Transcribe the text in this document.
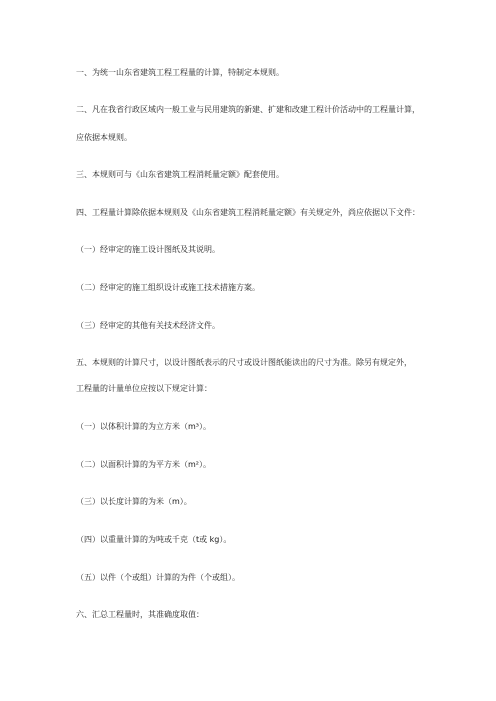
一、为统一山东省建筑工程工程量的计算，特制定本规则。
二、凡在我省行政区域内一般工业与民用建筑的新建、扩建和改建工程计价活动中的工程量计算，
应依据本规则。
三、本规则可与《山东省建筑工程消耗量定额》配套使用。
四、工程量计算除依据本规则及《山东省建筑工程消耗量定额》有关规定外，尚应依据以下文件：
（一）经审定的施工设计图纸及其说明。
（二）经审定的施工组织设计或施工技术措施方案。
（三）经审定的其他有关技术经济文件。
五、本规则的计算尺寸，以设计图纸表示的尺寸或设计图纸能读出的尺寸为准。除另有规定外，
工程量的计量单位应按以下规定计算：
（一）以体积计算的为立方米（m³）。
（二）以面积计算的为平方米（m²）。
（三）以长度计算的为米（m）。
（四）以重量计算的为吨或千克（t或 kg）。
（五）以件（个或组）计算的为件（个或组）。
六、汇总工程量时，其准确度取值：
